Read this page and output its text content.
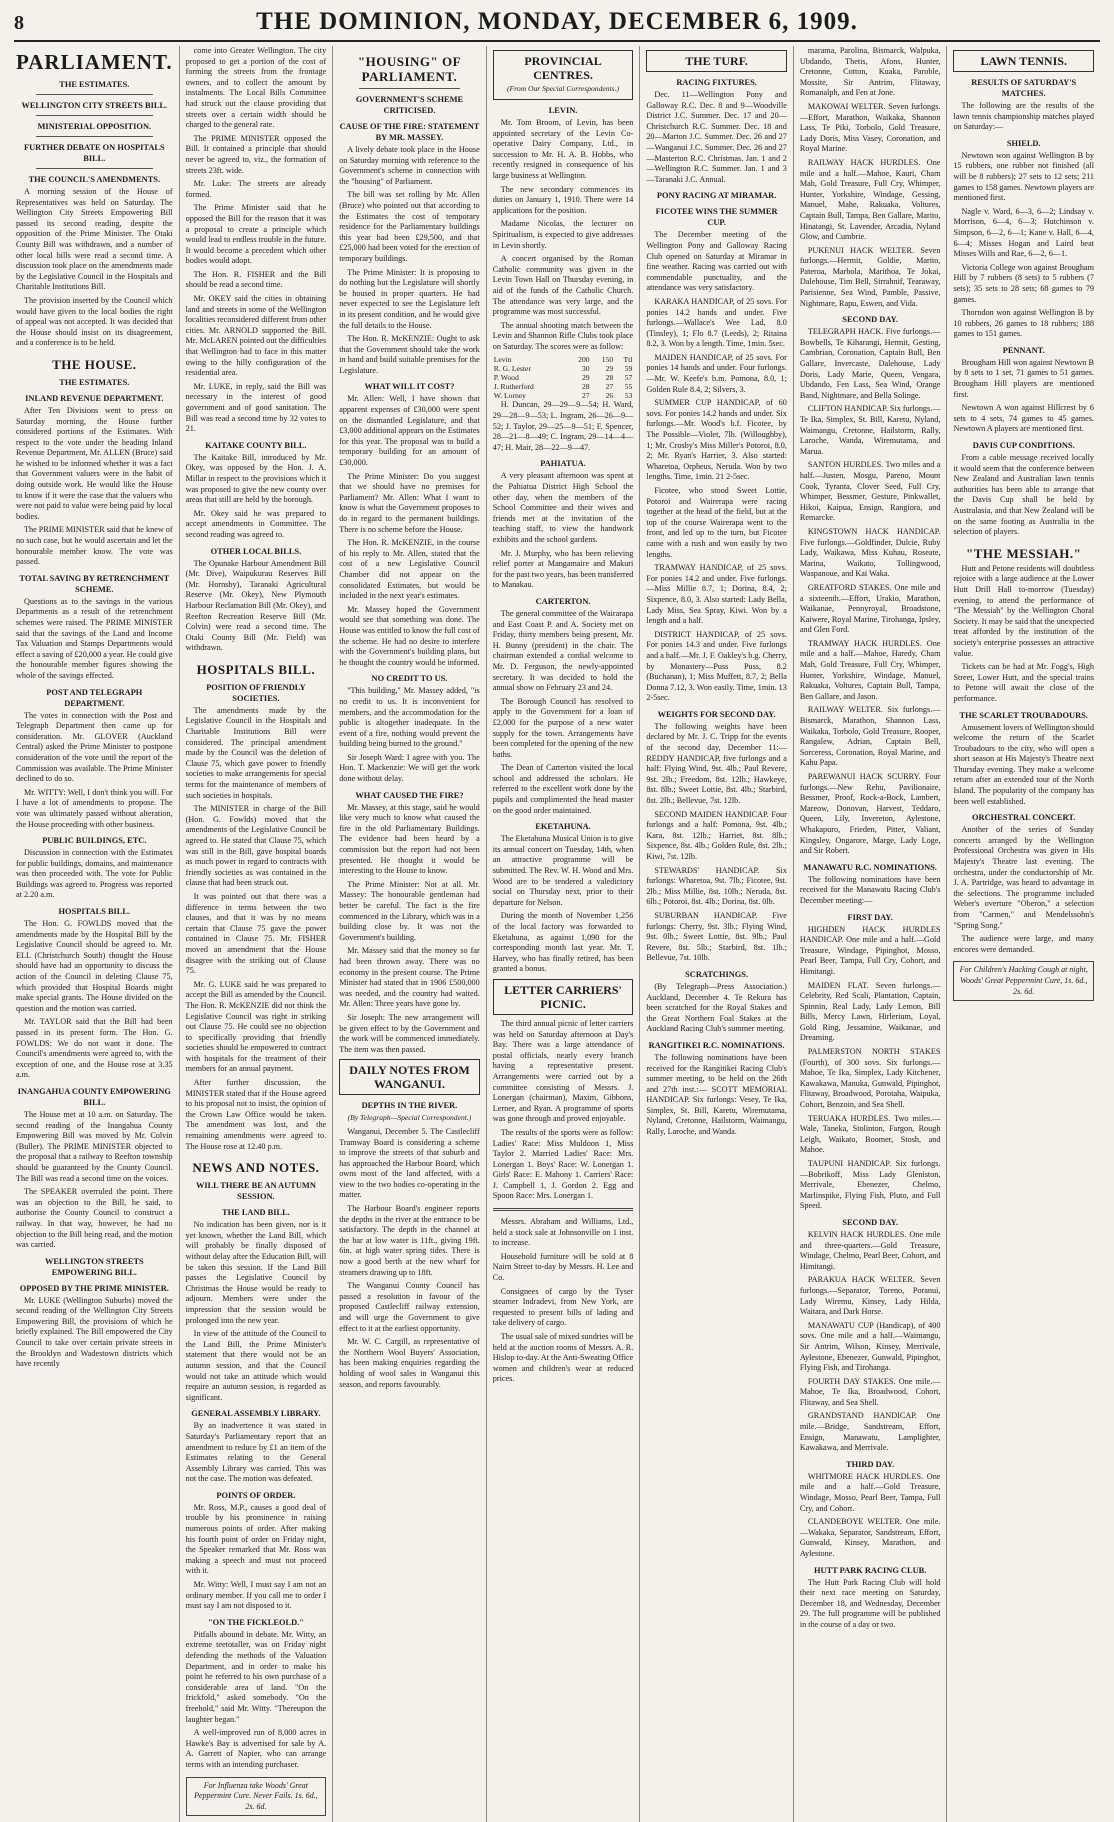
8	THE DOMINION, MONDAY, DECEMBER 6, 1909.
PARLIAMENT.
THE ESTIMATES.
WELLINGTON CITY STREETS BILL.
MINISTERIAL OPPOSITION.
FURTHER DEBATE ON HOSPITALS BILL.
THE COUNCIL'S AMENDMENTS.

A morning session of the House of Representatives was held on Saturday. The Wellington City Streets Empowering Bill passed its second reading, despite the opposition of the Prime Minister. The Otaki County Bill was withdrawn, and a number of other local bills were read a second time. A discussion took place on the amendments made by the Legislative Council in the Hospitals and Charitable Institutions Bill.

The provision inserted by the Council which would have given to the local bodies the right of appeal was not accepted. It was decided that the House should insist on its disagreement, and a conference is to be held.

THE HOUSE.
THE ESTIMATES.
INLAND REVENUE DEPARTMENT.

After Ten Divisions went to press on Saturday morning, the House further considered portions of the Estimates. With respect to the vote under the heading Inland Revenue Department, Mr. ALLEN (Bruce) said he wished to be informed whether it was a fact that Government valuers were in the habit of doing outside work. He would like the House to know if it were the case that the valuers who were not paid to value were being paid by local bodies.

The PRIME MINISTER said that he knew of no such case, but he would ascertain and let the honourable member know. The vote was passed.

TOTAL SAVING BY RETRENCHMENT SCHEME.

Questions as to the savings in the various Departments as a result of the retrenchment schemes were raised. The PRIME MINISTER said that the savings of the Land and Income Tax Valuation and Stamps Departments would effect a saving of £20,000 a year. He could give the honourable member figures showing the whole of the savings effected.

POST AND TELEGRAPH DEPARTMENT.

The votes in connection with the Post and Telegraph Department then came up for consideration. Mr. GLOVER (Auckland Central) asked the Prime Minister to postpone consideration of the vote until the report of the Commission was available. The Prime Minister declined to do so.

Mr. WITTY: Well, I don't think you will. For I have a lot of amendments to propose. The vote was ultimately passed without alteration, the House proceeding with other business.

PUBLIC BUILDINGS, ETC.

Discussion in connection with the Estimates for public buildings, domains, and maintenance was then proceeded with. The vote for Public Buildings was agreed to. Progress was reported at 2.20 a.m.

HOSPITALS BILL.

The Hon. G. FOWLDS moved that the amendments made by the Hospital Bill by the Legislative Council should be agreed to. Mr. ELL (Christchurch South) thought the House should have had an opportunity to discuss the action of the Council in deleting Clause 75, which provided that Hospital Boards might make special grants. The House divided on the question and the motion was carried.

Mr. TAYLOR said that the Bill had been passed in its present form. The Hon. G. FOWLDS: We do not want it done. The Council's amendments were agreed to, with the exception of one, and the House rose at 3.35 a.m.

INANGAHUA COUNTY EMPOWERING BILL.

The House met at 10 a.m. on Saturday. The second reading of the Inangahua County Empowering Bill was moved by Mr. Colvin (Buller). The PRIME MINISTER objected to the proposal that a railway to Reefton township should be guaranteed by the County Council. The Bill was read a second time on the voices.

The SPEAKER overruled the point. There was an objection to the Bill, he said, to authorise the County Council to construct a railway. In that way, however, he had no objection to the Bill being read, and the motion was carried.

WELLINGTON STREETS EMPOWERING BILL.
OPPOSED BY THE PRIME MINISTER.

Mr. LUKE (Wellington Suburbs) moved the second reading of the Wellington City Streets Empowering Bill, the provisions of which he briefly explained. The Bill empowered the City Council to take over certain private streets in the Brooklyn and Wadestown districts which have recently

come into Greater Wellington. The city proposed to get a portion of the cost of forming the streets from the frontage owners, and to collect the amount by instalments. The Local Bills Committee had struck out the clause providing that streets over a certain width should be charged to the general rate.

The PRIME MINISTER opposed the Bill. It contained a principle that should never be agreed to, viz., the formation of streets 23ft. wide.

Mr. Luke: The streets are already formed.

The Prime Minister said that he opposed the Bill for the reason that it was a proposal to create a principle which would lead to endless trouble in the future. It would become a precedent which other bodies would adopt.

The Hon. R. FISHER and the Bill should be read a second time.

Mr. OKEY said the cities in obtaining land and streets in some of the Wellington localities reconsidered different from other cities. Mr. ARNOLD supported the Bill. Mr. McLAREN pointed out the difficulties that Wellington had to face in this matter owing to the hilly configuration of the residential area.

Mr. LUKE, in reply, said the Bill was necessary in the interest of good government and of good sanitation. The Bill was read a second time by 32 votes to 21.

KAITAKE COUNTY BILL.

The Kaitake Bill, introduced by Mr. Okey, was opposed by the Hon. J. A. Millar in respect to the provisions which it was proposed to give the new county over areas that still are held by the borough.

Mr. Okey said he was prepared to accept amendments in Committee. The second reading was agreed to.

OTHER LOCAL BILLS.

The Opunake Harbour Amendment Bill (Mr. Dive), Waipukurau Reserves Bill (Mr. Hornsby), Taranaki Agricultural Reserve (Mr. Okey), New Plymouth Harbour Reclamation Bill (Mr. Okey), and Reefton Recreation Reserve Bill (Mr. Colvin) were read a second time. The Otaki County Bill (Mr. Field) was withdrawn.

HOSPITALS BILL.
POSITION OF FRIENDLY SOCIETIES.

The amendments made by the Legislative Council in the Hospitals and Charitable Institutions Bill were considered. The principal amendment made by the Council was the deletion of Clause 75, which gave power to friendly societies to make arrangements for special terms for the maintenance of members of such societies in hospitals.

The MINISTER in charge of the Bill (Hon. G. Fowlds) moved that the amendments of the Legislative Council be agreed to. He stated that Clause 75, which was still in the Bill, gave hospital boards as much power in regard to contracts with friendly societies as was contained in the clause that had been struck out.

It was pointed out that there was a difference in terms between the two clauses, and that it was by no means certain that Clause 75 gave the power contained in Clause 75. Mr. FISHER moved an amendment that the House disagree with the striking out of Clause 75.

Mr. G. LUKE said he was prepared to accept the Bill as amended by the Council. The Hon. R. McKENZIE did not think the Legislative Council was right in striking out Clause 75. He could see no objection to specifically providing that friendly societies should be empowered to contract with hospitals for the treatment of their members for an annual payment.

After further discussion, the MINISTER stated that if the House agreed to his proposal not to insist, the opinion of the Crown Law Office would be taken. The amendment was lost, and the remaining amendments were agreed to. The House rose at 12.40 p.m.

NEWS AND NOTES.
WILL THERE BE AN AUTUMN SESSION.
THE LAND BILL.

No indication has been given, nor is it yet known, whether the Land Bill, which will probably be finally disposed of without delay after the Education Bill, will be taken this session. If the Land Bill passes the Legislative Council by Christmas the House would be ready to adjourn. Members were under the impression that the session would be prolonged into the new year.

In view of the attitude of the Council to the Land Bill, the Prime Minister's statement that there would not be an autumn session, and that the Council would not take an attitude which would require an autumn session, is regarded as significant.

GENERAL ASSEMBLY LIBRARY.

By an inadvertence it was stated in Saturday's Parliamentary report that an amendment to reduce by £1 an item of the Estimates relating to the General Assembly Library was carried. This was not the case. The motion was defeated.

POINTS OF ORDER.

Mr. Ross, M.P., causes a good deal of trouble by his prominence in raising numerous points of order. After making his fourth point of order on Friday night, the Speaker remarked that Mr. Ross was making a speech and must not proceed with it.

Mr. Witty: Well, I must say I am not an ordinary member. If you call me to order I must say I am not disposed to it.

"ON THE FICKLEOLD."

Pitfalls abound in debate. Mr. Witty, an extreme teetotaller, was on Friday night defending the methods of the Valuation Department, and in order to make his point he referred to his own purchase of a considerable area of land. "On the frickfold," asked somebody. "On the freehold," said Mr. Witty. "Thereupon the laughter began."

A well-improved run of 8,000 acres in Hawke's Bay is advertised for sale by A. A. Garrett of Napier, who can arrange terms with an intending purchaser.

For Influenza take Woods' Great Peppermint Cure. Never Fails. 1s. 6d., 2s. 6d.
"HOUSING" OF PARLIAMENT.
GOVERNMENT'S SCHEME CRITICISED.
CAUSE OF THE FIRE: STATEMENT BY MR. MASSEY.

A lively debate took place in the House on Saturday morning with reference to the Government's scheme in connection with the "housing" of Parliament.

The bill was set rolling by Mr. Allen (Bruce) who pointed out that according to the Estimates the cost of temporary residence for the Parliamentary buildings this year had been £29,500, and that £25,000 had been voted for the erection of temporary buildings.

The Prime Minister: It is proposing to do nothing but the Legislature will shortly be housed in proper quarters. He had never expected to see the Legislature left in its present condition, and he would give the full details to the House.

The Hon. R. McKENZIE: Ought to ask that the Government should take the work in hand and build suitable premises for the Legislature.

WHAT WILL IT COST?

Mr. Allen: Well, I have shown that apparent expenses of £30,000 were spent on the dismantled Legislature, and that £3,000 additional appears on the Estimates for this year. The proposal was to build a temporary building for an amount of £30,000.

The Prime Minister: Do you suggest that we should have no premises for Parliament? Mr. Allen: What I want to know is what the Government proposes to do in regard to the permanent buildings. There is no scheme before the House.

The Hon. R. McKENZIE, in the course of his reply to Mr. Allen, stated that the cost of a new Legislative Council Chamber did not appear on the consolidated Estimates, but would be included in the next year's estimates.

Mr. Massey hoped the Government would see that something was done. The House was entitled to know the full cost of the scheme. He had no desire to interfere with the Government's building plans, but he thought the country would be informed.

NO CREDIT TO US.

"This building," Mr. Massey added, "is no credit to us. It is inconvenient for members, and the accommodation for the public is altogether inadequate. In the event of a fire, nothing would prevent the building being burned to the ground."

Sir Joseph Ward: I agree with you. The Hon. T. Mackenzie: We will get the work done without delay.

WHAT CAUSED THE FIRE?

Mr. Massey, at this stage, said he would like very much to know what caused the fire in the old Parliamentary Buildings. The evidence had been heard by a commission but the report had not been presented. He thought it would be interesting to the House to know.

The Prime Minister: Not at all. Mr. Massey: The honourable gentleman had better be careful. The fact is the fire commenced in the Library, which was in a building close by. It was not the Government's building.

Mr. Massey said that the money so far had been thrown away. There was no economy in the present course. The Prime Minister had stated that in 1906 £500,000 was needed, and the country had waited. Mr. Allen: Three years have gone by.

Sir Joseph: The new arrangement will be given effect to by the Government and the work will be commenced immediately. The item was then passed.

DAILY NOTES FROM WANGANUI.
DEPTHS IN THE RIVER.
(By Telegraph—Special Correspondent.)

Wanganui, December 5. The Castlecliff Tramway Board is considering a scheme to improve the streets of that suburb and has approached the Harbour Board, which owns most of the land affected, with a view to the two bodies co-operating in the matter.

The Harbour Board's engineer reports the depths in the river at the entrance to be satisfactory. The depth in the channel at the bar at low water is 11ft., giving 19ft. 6in. at high water spring tides. There is now a good berth at the new wharf for steamers drawing up to 18ft.

The Wanganui County Council has passed a resolution in favour of the proposed Castlecliff railway extension, and will urge the Government to give effect to it at the earliest opportunity.

Mr. W. C. Cargill, as representative of the Northern Wool Buyers' Association, has been making enquiries regarding the holding of wool sales in Wanganui this season, and reports favourably.

PROVINCIAL CENTRES.
(From Our Special Correspondents.)
LEVIN.

Mr. Tom Broom, of Levin, has been appointed secretary of the Levin Co-operative Dairy Company, Ltd., in succession to Mr. H. A. B. Hobbs, who recently resigned in consequence of his large business at Wellington.

The new secondary commences its duties on January 1, 1910. There were 14 applications for the position.

Madame Nicolas, the lecturer on Spiritualism, is expected to give addresses in Levin shortly.

A concert organised by the Roman Catholic community was given in the Levin Town Hall on Thursday evening, in aid of the funds of the Catholic Church. The attendance was very large, and the programme was most successful.

The annual shooting match between the Levin and Shannon Rifle Clubs took place on Saturday. The scores were as follow:

Levin	200	150	Ttl
R. G. Lester	30	29	59
P. Wood	29	28	57
J. Rutherford	28	27	55
W. Lorney	27	26	53

H. Duncan, 29—29—9—54; H. Ward, 29—28—9—53; L. Ingram, 26—26—9—52; J. Taylor, 29—25—9—51; F. Spencer, 28—21—8—49; C. Ingram, 29—14—4—47; H. Mair, 28—22—9—47.

PAHIATUA.

A very pleasant afternoon was spent at the Pahiatua District High School the other day, when the members of the School Committee and their wives and friends met at the invitation of the teaching staff, to view the handwork exhibits and the school gardens.

Mr. J. Murphy, who has been relieving relief porter at Mangamaire and Makuri for the past two years, has been transferred to Manakau.

CARTERTON.

The general committee of the Wairarapa and East Coast P. and A. Society met on Friday, thirty members being present, Mr. H. Bunny (president) in the chair. The chairman extended a cordial welcome to Mr. D. Ferguson, the newly-appointed secretary. It was decided to hold the annual show on February 23 and 24.

The Borough Council has resolved to apply to the Government for a loan of £2,000 for the purpose of a new water supply for the town. Arrangements have been completed for the opening of the new baths.

The Dean of Carterton visited the local school and addressed the scholars. He referred to the excellent work done by the pupils and complimented the head master on the good order maintained.

EKETAHUNA.

The Eketahuna Musical Union is to give its annual concert on Tuesday, 14th, when an attractive programme will be submitted. The Rev. W. H. Wood and Mrs. Wood are to be tendered a valedictory social on Thursday next, prior to their departure for Nelson.

During the month of November 1,256 of the local factory was forwarded to Eketahuna, as against 1,090 for the corresponding month last year. Mr. T. Harvey, who has finally retired, has been granted a bonus.

LETTER CARRIERS' PICNIC.

The third annual picnic of letter carriers was held on Saturday afternoon at Day's Bay. There was a large attendance of postal officials, nearly every branch having a representative present. Arrangements were carried out by a committee consisting of Messrs. J. Lonergan (chairman), Maxim, Gibbons, Lerner, and Ryan. A programme of sports was gone through and proved enjoyable.

The results of the sports were as follow: Ladies' Race: Miss Muldoon 1, Miss Taylor 2. Married Ladies' Race: Mrs. Lonergan 1. Boys' Race: W. Lonergan 1. Girls' Race: E. Mahony 1. Carriers' Race: J. Campbell 1, J. Gordon 2. Egg and Spoon Race: Mrs. Lonergan 1.

Messrs. Abraham and Williams, Ltd., held a stock sale at Johnsonville on 1 inst. to increase.

Household furniture will be sold at 8 Nairn Street to-day by Messrs. H. Lee and Co.

Consignees of cargo by the Tyser steamer Indradevi, from New York, are requested to present bills of lading and take delivery of cargo.

The usual sale of mixed sundries will be held at the auction rooms of Messrs. A. R. Hislop to-day. At the Anti-Sweating Office women and children's wear at reduced prices.

THE TURF.
RACING FIXTURES.

Dec. 11—Wellington Pony and Galloway R.C. Dec. 8 and 9—Woodville District J.C. Summer. Dec. 17 and 20—Christchurch R.C. Summer. Dec. 18 and 20—Marton J.C. Summer. Dec. 26 and 27—Wanganui J.C. Summer. Dec. 26 and 27—Masterton R.C. Christmas. Jan. 1 and 2—Wellington R.C. Summer. Jan. 1 and 3—Taranaki J.C. Annual.

PONY RACING AT MIRAMAR.
FICOTEE WINS THE SUMMER CUP.

The December meeting of the Wellington Pony and Galloway Racing Club opened on Saturday at Miramar in fine weather. Racing was carried out with commendable punctuality, and the attendance was very satisfactory.

KARAKA HANDICAP, of 25 sovs. For ponies 14.2 hands and under. Five furlongs.—Wallace's Wee Lad, 8.0 (Tinsley), 1; Flo 8.7 (Leeds), 2; Ritaina 8.2, 3. Won by a length. Time, 1min. 5sec.

MAIDEN HANDICAP, of 25 sovs. For ponies 14 hands and under. Four furlongs.—Mr. W. Keefe's b.m. Pomona, 8.0, 1; Golden Rule 8.4, 2; Silvers, 3.

SUMMER CUP HANDICAP, of 60 sovs. For ponies 14.2 hands and under. Six furlongs.—Mr. Wood's b.f. Ficotee, by The Possible—Violet, 7lb. (Willoughby), 1; Mr. Crosby's Miss Miller's Potoroi, 8.0, 2; Mr. Ryan's Harrier, 3. Also started: Wharetoa, Orpheus, Neruda. Won by two lengths. Time, 1min. 21 2-5sec.

Ficotee, who stood Sweet Lottie, Potoroi and Wairerapa were racing together at the head of the field, but at the top of the course Wairerapa went to the front, and led up to the turn, but Ficotee came with a rush and won easily by two lengths.

TRAMWAY HANDICAP, of 25 sovs. For ponies 14.2 and under. Five furlongs.—Miss Millie 8.7, 1; Dorina, 8.4, 2; Sixpence, 8.0, 3. Also started: Lady Bella, Lady Miss, Sea Spray, Kiwi. Won by a length and a half.

DISTRICT HANDICAP, of 25 sovs. For ponies 14.3 and under. Five furlongs and a half.—Mr. J. F. Oakley's b.g. Cherry, by Monastery—Puss Puss, 8.2 (Buchanan), 1; Miss Muffett, 8.7, 2; Bella Donna 7.12, 3. Won easily. Time, 1min. 13 2-5sec.

WEIGHTS FOR SECOND DAY.

The following weights have been declared by Mr. J. C. Tripp for the events of the second day, December 11:— REDDY HANDICAP, five furlongs and a half: Flying Wind, 9st. 4lb.; Paul Revere, 9st. 2lb.; Freedom, 8st. 12lb.; Hawkeye, 8st. 8lb.; Sweet Lottie, 8st. 4lb.; Starbird, 8st. 2lb.; Bellevue, 7st. 12lb.

SECOND MAIDEN HANDICAP. Four furlongs and a half: Pomona, 9st. 4lb.; Kara, 8st. 12lb.; Harriet, 8st. 8lb.; Sixpence, 8st. 4lb.; Golden Rule, 8st. 2lb.; Kiwi, 7st. 12lb.

STEWARDS' HANDICAP. Six furlongs: Wharetoa, 9st. 7lb.; Ficotee, 9st. 2lb.; Miss Millie, 8st. 10lb.; Neruda, 8st. 6lb.; Potoroi, 8st. 4lb.; Dorina, 8st. 0lb.

SUBURBAN HANDICAP. Five furlongs: Cherry, 9st. 3lb.; Flying Wind, 9st. 0lb.; Sweet Lottie, 8st. 9lb.; Paul Revere, 8st. 5lb.; Starbird, 8st. 1lb.; Bellevue, 7st. 10lb.

SCRATCHINGS.

(By Telegraph—Press Association.) Auckland, December 4. Te Rekura has been scratched for the Royal Stakes and the Great Northern Foal Stakes at the Auckland Racing Club's summer meeting.

RANGITIKEI R.C. NOMINATIONS.

The following nominations have been received for the Rangitikei Racing Club's summer meeting, to be held on the 26th and 27th inst.:— SCOTT MEMORIAL HANDICAP. Six furlongs: Vesey, Te Ika, Simplex, St. Bill, Karetu, Wiremutama, Nyland, Cretonne, Hailstorm, Waimangu, Rally, Laroche, and Wanda.

marama, Parolina, Bismarck, Walpuka, Ubdando, Thetis, Afons, Hunter, Cretonne, Cotton, Kuaka, Paroble, Mossite, Sir Antrim, Flitaway, Romanalph, and Fen at Jone.

MAKOWAI WELTER. Seven furlongs.—Effort, Marathon, Waikaka, Shannon Lass, Te Piki, Torbolo, Gold Treasure, Lady Doris, Miss Vasey, Coronation, and Royal Marine.

RAILWAY HACK HURDLES. One mile and a half.—Mahoe, Kauri, Cham Mah, Gold Treasure, Full Cry, Whimper, Hunter, Yorkshire, Windage, Gessing, Manuel, Mahe, Rakuaka, Voltures, Captain Bull, Tampa, Ben Gallare, Marito, Hinatangi, St. Lavender, Arcadia, Nyland Glow, and Cumbrie.

PUKENUI HACK WELTER. Seven furlongs.—Hermit, Goldie, Marito, Pateroa, Marbola, Marithoa, Te Jokai, Dalehouse, Tim Bell, Sirrahnif, Tearaway, Parisienne, Sea Wind, Pamble, Passive, Nightmare, Rapu, Eswen, and Vida.

SECOND DAY.

TELEGRAPH HACK. Five furlongs.—Bowbells, Te Kiharangi, Hermit, Gesting, Cambrian, Coronation, Captain Bull, Ben Gallare, Invercaste, Dalehouse, Lady Doris, Lady Marie, Queen, Vengara, Ubdando, Fen Lass, Sea Wind, Orange Band, Nightmare, and Bella Solinge.

CLIFTON HANDICAP. Six furlongs.—Te Ika, Simplex, St. Bill, Karetu, Nyland, Waimangu, Cretonne, Hailstorm, Rally, Laroche, Wanda, Wiremutama, and Marua.

SANTON HURDLES. Two miles and a half.—Justen, Mosgu, Pareno, Mount Cook, Tyranta, Clover Seed, Full Cry, Whimper, Bessmer, Gesture, Pinkwallet, Hikoi, Kaipua, Ensign, Rangiora, and Remarcke.

KINGSTOWN HACK HANDICAP. Five furlongs.—Goldfinder, Dulcie, Ruby Lady, Waikawa, Miss Kuhau, Roseate, Marina, Waikato, Tollingwood, Waspanoue, and Kai Waka.

GREATFORD STAKES. One mile and a sixteenth.—Effort, Urakio, Marathon, Waikanae, Pennyroyal, Broadstone, Kaiwere, Royal Marine, Tirohanga, Ipsley, and Glen Ford.

TRAMWAY HACK HURDLES. One mile and a half.—Mahoe, Haredy, Cham Mah, Gold Treasure, Full Cry, Whimper, Hunter, Yorkshire, Windage, Manuel, Rakuaka, Voltures, Captain Bull, Tampa, Ben Gallare, and Jason.

RAILWAY WELTER. Six furlongs.—Bismarck, Marathon, Shannon Lass, Waikaka, Torbolo, Gold Treasure, Rooper, Rangalew, Adrian, Captain Bell, Sorceress, Coronation, Royal Marine, and Kahu Papa.

PAREWANUI HACK SCURRY. Four furlongs.—New Rehu, Pavilionaire, Bessmer, Proof, Rock-a-Bock, Lambert, Mareow, Donovan, Harvest, Teddaro, Queen, Lily, Invereton, Aylestone, Whakapuro, Frieden, Pitter, Valiant, Kingsley, Ongarore, Marge, Lady Loge, and Sir Robert.

MANAWATU R.C. NOMINATIONS.

The following nominations have been received for the Manawatu Racing Club's December meeting:—

FIRST DAY.

HIGHDEN HACK HURDLES HANDICAP. One mile and a half.—Gold Treasure, Windage, Pipinghot, Mosso, Pearl Beer, Tampa, Full Cry, Cohort, and Himitangi.

MAIDEN FLAT. Seven furlongs.—Celebrity, Red Scali, Plantation, Captain, Spinnin, Real Lady, Lady Lemon, Bill Bills, Mercy Lawn, Hirlerium, Loyal, Gold Ring, Jessamine, Waikanae, and Dreaming.

PALMERSTON NORTH STAKES (Fourth), of 300 sovs. Six furlongs.—Mahoe, Te Ika, Simplex, Lady Kitchener, Kawakawa, Manuka, Gunwald, Pipinghot, Flitaway, Broadwood, Porotaha, Waipuka, Cohort, Benzoin, and Sea Shell.

TERUAKA HURDLES. Two miles.—Wale, Taneka, Stolinton, Fargon, Rough Leigh, Waikato, Boomer, Stosh, and Mahoe.

TAUPUNI HANDICAP. Six furlongs.—Bobrikoff, Miss Lady Gleniston, Merrivale, Ebenezer, Chelmo, Marlinspike, Flying Fish, Pluto, and Full Speed.

SECOND DAY.

KELVIN HACK HURDLES. One mile and three-quarters.—Gold Treasure, Windage, Chelmo, Pearl Beer, Cohort, and Himitangi.

PARAKUA HACK WELTER. Seven furlongs.—Separator, Toreno, Poranui, Lady Wiremu, Kinsey, Lady Hilda, Waitara, and Dark Horse.

MANAWATU CUP (Handicap), of 400 sovs. One mile and a half.—Waimangu, Sir Antrim, Wilson, Kinsey, Merrivale, Aylestone, Ebenezer, Gunwald, Pipinghot, Flying Fish, and Tirohanga.

FOURTH DAY STAKES. One mile.—Mahoe, Te Ika, Broadwood, Cohort, Flitaway, and Sea Shell.

GRANDSTAND HANDICAP. One mile.—Bridge, Sandstream, Effort, Ensign, Manawatu, Lamplighter, Kawakawa, and Merrivale.

THIRD DAY.

WHITMORE HACK HURDLES. One mile and a half.—Gold Treasure, Windage, Mosso, Pearl Beer, Tampa, Full Cry, and Cohort.

CLANDEBOYE WELTER. One mile.—Wakaka, Separator, Sandstream, Effort, Gunwald, Kinsey, Marathon, and Aylestone.

HUTT PARK RACING CLUB.

The Hutt Park Racing Club will hold their next race meeting on Saturday, December 18, and Wednesday, December 29. The full programme will be published in the course of a day or two.

LAWN TENNIS.
RESULTS OF SATURDAY'S MATCHES.

The following are the results of the lawn tennis championship matches played on Saturday:—

SHIELD.

Newtown won against Wellington B by 15 rubbers, one rubber not finished (all will be 8 rubbers); 27 sets to 12 sets; 211 games to 158 games. Newtown players are mentioned first.

Nagle v. Ward, 6—3, 6—2; Lindsay v. Morrison, 6—4, 6—3; Hutchinson v. Simpson, 6—2, 6—1; Kane v. Hall, 6—4, 6—4; Misses Hogan and Laird beat Misses Wills and Rae, 6—2, 6—1.

Victoria College won against Brougham Hill by 7 rubbers (8 sets) to 5 rubbers (7 sets); 35 sets to 28 sets; 68 games to 79 games.

Thorndon won against Wellington B by 10 rubbers, 26 games to 18 rubbers; 188 games to 151 games.

PENNANT.

Brougham Hill won against Newtown B by 8 sets to 1 set, 71 games to 51 games. Brougham Hill players are mentioned first.

Newtown A won against Hillcrest by 6 sets to 4 sets, 74 games to 45 games. Newtown A players are mentioned first.

DAVIS CUP CONDITIONS.

From a cable message received locally it would seem that the conference between New Zealand and Australian lawn tennis authorities has been able to arrange that the Davis Cup shall be held by Australasia, and that New Zealand will be on the same footing as Australia in the selection of players.

"THE MESSIAH."

Hutt and Petone residents will doubtless rejoice with a large audience at the Lower Hutt Drill Hall to-morrow (Tuesday) evening, to attend the performance of "The Messiah" by the Wellington Choral Society. It may be said that the unexpected treat afforded by the institution of the society's enterprise possesses an attractive value.

Tickets can be had at Mr. Fogg's, High Street, Lower Hutt, and the special trains to Petone will await the close of the performance.

THE SCARLET TROUBADOURS.

Amusement lovers of Wellington should welcome the return of the Scarlet Troubadours to the city, who will open a short season at His Majesty's Theatre next Thursday evening. They make a welcome return after an extended tour of the North Island. The popularity of the company has been well established.

ORCHESTRAL CONCERT.

Another of the series of Sunday concerts arranged by the Wellington Professional Orchestra was given in His Majesty's Theatre last evening. The orchestra, under the conductorship of Mr. J. A. Partridge, was heard to advantage in the selections. The programme included Weber's overture "Oberon," a selection from "Carmen," and Mendelssohn's "Spring Song."

The audience were large, and many encores were demanded.

For Children's Hacking Cough at night, Woods' Great Peppermint Cure, 1s. 6d., 2s. 6d.
